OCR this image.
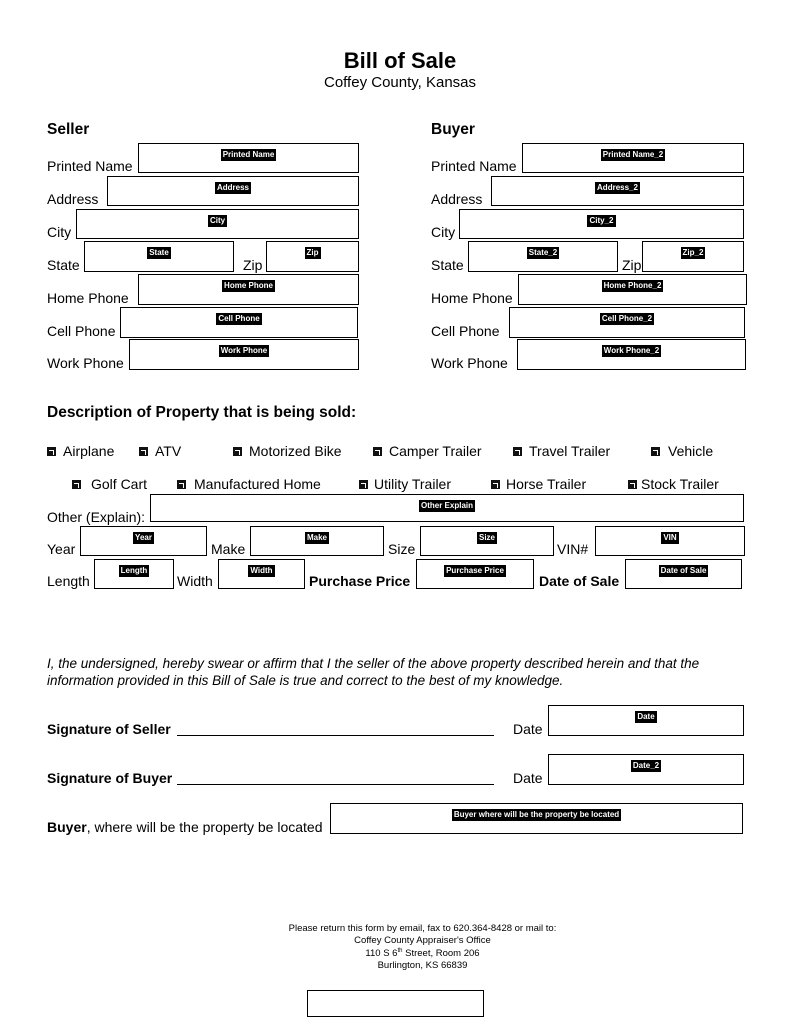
Bill of Sale
Coffey County, Kansas
Seller
Printed Name
Printed Name
Address
Address
City
City
State
State
Zip
Zip
Home Phone
Home Phone
Cell Phone
Cell Phone
Work Phone
Work Phone
Buyer
Printed Name
Printed Name_2
Address
Address_2
City
City_2
State
State_2
Zip
Zip_2
Home Phone
Home Phone_2
Cell Phone
Cell Phone_2
Work Phone
Work Phone_2
Description of Property that is being sold:
Airplane	ATV	Motorized Bike	Camper Trailer	Travel Trailer	Vehicle
Golf Cart	Manufactured Home	Utility Trailer	Horse Trailer	Stock Trailer
Other (Explain):
Other Explain
Year
Year
Make
Make
Size
Size
VIN#
VIN
Length
Length
Width
Width
Purchase Price
Purchase Price
Date of Sale
Date of Sale
I, the undersigned, hereby swear or affirm that I the seller of the above property described herein and that the information provided in this Bill of Sale is true and correct to the best of my knowledge.
Signature of Seller	Date
Date
Signature of Buyer	Date
Date_2
Buyer, where will be the property be located
Buyer where will be the property be located
Please return this form by email, fax to 620.364-8428 or mail to:
Coffey County Appraiser's Office
110 S 6th Street, Room 206
Burlington, KS 66839
